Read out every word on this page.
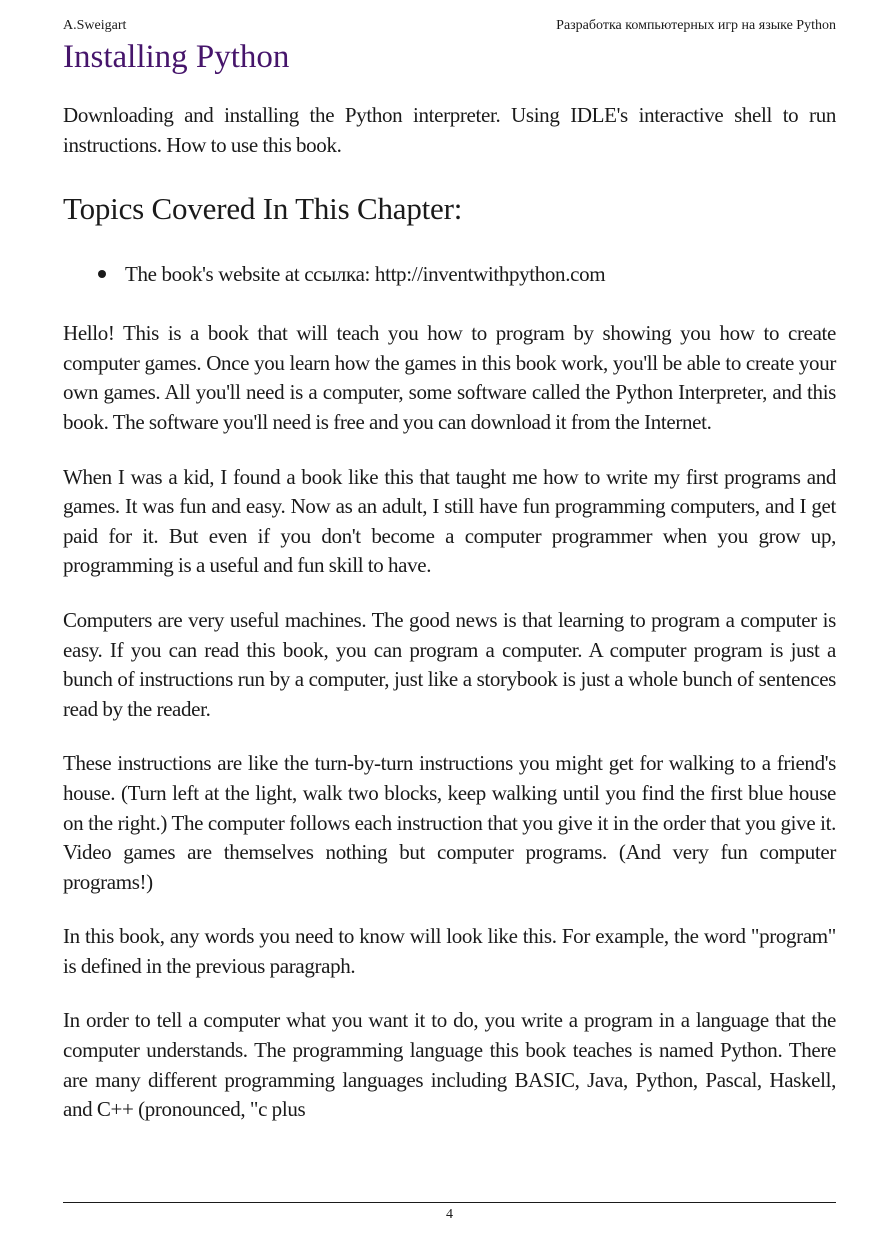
A.Sweigart	Разработка компьютерных игр на языке Python
Installing Python

Downloading and installing the Python interpreter. Using IDLE's interactive shell to run instructions. How to use this book.

Topics Covered In This Chapter:
The book's website at ссылка: http://inventwithpython.com

Hello! This is a book that will teach you how to program by showing you how to create computer games. Once you learn how the games in this book work, you'll be able to create your own games. All you'll need is a computer, some software called the Python Interpreter, and this book. The software you'll need is free and you can download it from the Internet.

When I was a kid, I found a book like this that taught me how to write my first programs and games. It was fun and easy. Now as an adult, I still have fun programming computers, and I get paid for it. But even if you don't become a computer programmer when you grow up, programming is a useful and fun skill to have.

Computers are very useful machines. The good news is that learning to program a computer is easy. If you can read this book, you can program a computer. A computer program is just a bunch of instructions run by a computer, just like a storybook is just a whole bunch of sentences read by the reader.

These instructions are like the turn-by-turn instructions you might get for walking to a friend's house. (Turn left at the light, walk two blocks, keep walking until you find the first blue house on the right.) The computer follows each instruction that you give it in the order that you give it. Video games are themselves nothing but computer programs. (And very fun computer programs!)

In this book, any words you need to know will look like this. For example, the word "program" is defined in the previous paragraph.

In order to tell a computer what you want it to do, you write a program in a language that the computer understands. The programming language this book teaches is named Python. There are many different programming languages including BASIC, Java, Python, Pascal, Haskell, and C++ (pronounced, "c plus

4
